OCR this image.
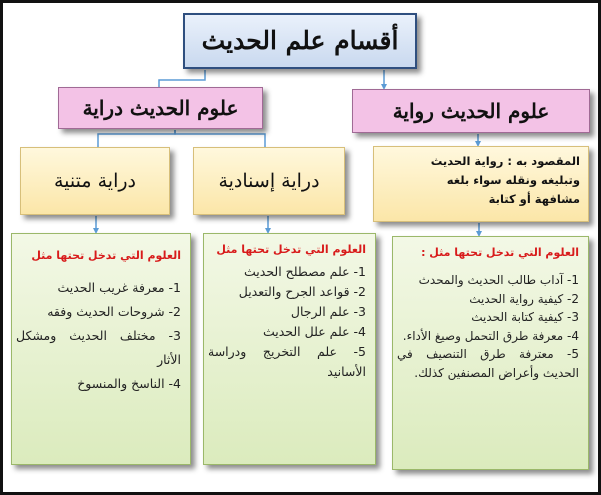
أقسام علم الحديث
علوم الحديث دراية	علوم الحديث رواية
دراية متنية	دراية إسنادية
المقصود به : رواية الحديث
وتبليغه ونقله سواء بلغه
مشافهة أو كتابة
العلوم التي تدخل تحتها مثل
1- معرفة غريب الحديث
2- شروحات الحديث وفقه
3- مختلف الحديث ومشكل الأثار
4- الناسخ والمنسوخ
العلوم التي تدخل تحتها مثل
1- علم مصطلح الحديث
2- قواعد الجرح والتعديل
3- علم الرجال
4- علم علل الحديث
5- علم التخريج ودراسة الأسانيد
العلوم التي تدخل تحتها مثل :
1- آداب طالب الحديث والمحدث
2- كيفية رواية الحديث
3- كيفية كتابة الحديث
4- معرفة طرق التحمل وصيغ الأداء.
5- معترفة طرق التنصيف في الحديث وأعراض المصنفين كذلك.
